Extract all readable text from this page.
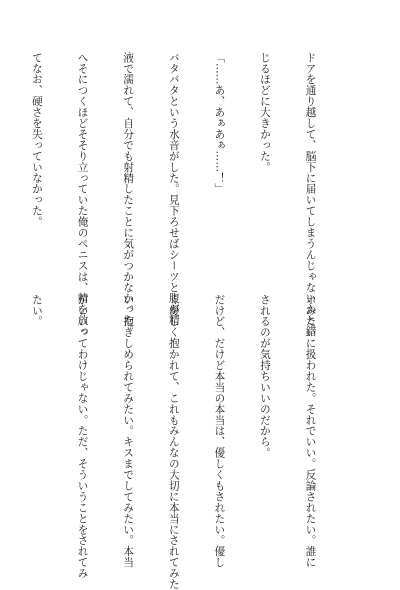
ドアを通り越して、脳下に届いてしまうんじゃないかと錯

じるほどに大きかった。

「……あ、あぁあぁ……！」

バタバタという水音がした。見下ろせばシーツと腹が精

液で濡れて、自分でも射精したことに気がつかなかった。

へそにつくほどそそり立っていた俺のペニスは、精を放っ

てなお、硬さを失っていなかった。

ホみたいに扱われた。それでいい。反論されたい。誰に

されるのが気持ちいいのだから。

だけど、だけど本当の本当は、優しくもされたい。優し

く優しく抱かれて、これもみんなの大切に本当にされてみた

い。抱きしめられてみたい。キスまでしてみたい。本当

がいいってわけじゃない。ただ、そういうことをされてみ

たい。
